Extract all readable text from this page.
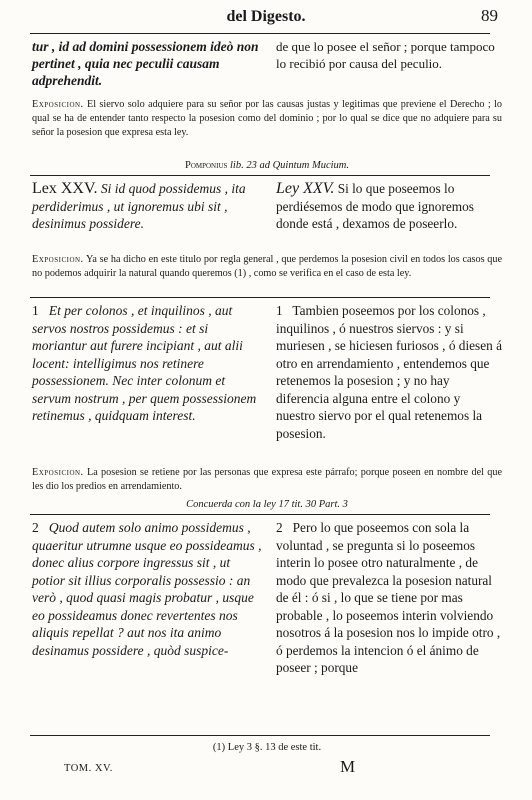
del Digesto.	89
tur , id ad domini possessionem ideò non pertinet , quia nec peculii causam adprehendit.
de que lo posee el señor ; porque tampoco lo recibió por causa del peculio.
Exposicion. El siervo solo adquiere para su señor por las causas justas y legitimas que previene el Derecho ; lo qual se ha de entender tanto respecto la posesion como del dominio ; por lo qual se dice que no adquiere para su señor la posesion que expresa esta ley.
Pomponius lib. 23 ad Quintum Mucium.
Lex XXV. Si id quod possidemus , ita perdiderimus , ut ignoremus ubi sit , desinimus possidere.
Ley XXV. Si lo que poseemos lo perdiésemos de modo que ignoremos donde está , dexamos de poseerlo.
Exposicion. Ya se ha dicho en este titulo por regla general , que perdemos la posesion civil en todos los casos que no podemos adquirir la natural quando queremos (1) , como se verifica en el caso de esta ley.
1 Et per colonos , et inquilinos , aut servos nostros possidemus : et si moriantur aut furere incipiant , aut alii locent: intelligimus nos retinere possessionem. Nec inter colonum et servum nostrum , per quem possessionem retinemus , quidquam interest.
1 Tambien poseemos por los colonos , inquilinos , ó nuestros siervos : y si muriesen , se hiciesen furiosos , ó diesen á otro en arrendamiento , entendemos que retenemos la posesion ; y no hay diferencia alguna entre el colono y nuestro siervo por el qual retenemos la posesion.
Exposicion. La posesion se retiene por las personas que expresa este párrafo; porque poseen en nombre del que les dio los predios en arrendamiento.
Concuerda con la ley 17 tit. 30 Part. 3
2 Quod autem solo animo possidemus , quaeritur utrumne usque eo possideamus , donec alius corpore ingressus sit , ut potior sit illius corporalis possessio : an verò , quod quasi magis probatur , usque eo possideamus donec revertentes nos aliquis repellat ? aut nos ita animo desinamus possidere , quòd suspice-
2 Pero lo que poseemos con sola la voluntad , se pregunta si lo poseemos interin lo posee otro naturalmente , de modo que prevalezca la posesion natural de él : ó si , lo que se tiene por mas probable , lo poseemos interin volviendo nosotros á la posesion nos lo impide otro , ó perdemos la intencion ó el ánimo de poseer ; porque
(1) Ley 3 §. 13 de este tit.
TOM. XV.	M
